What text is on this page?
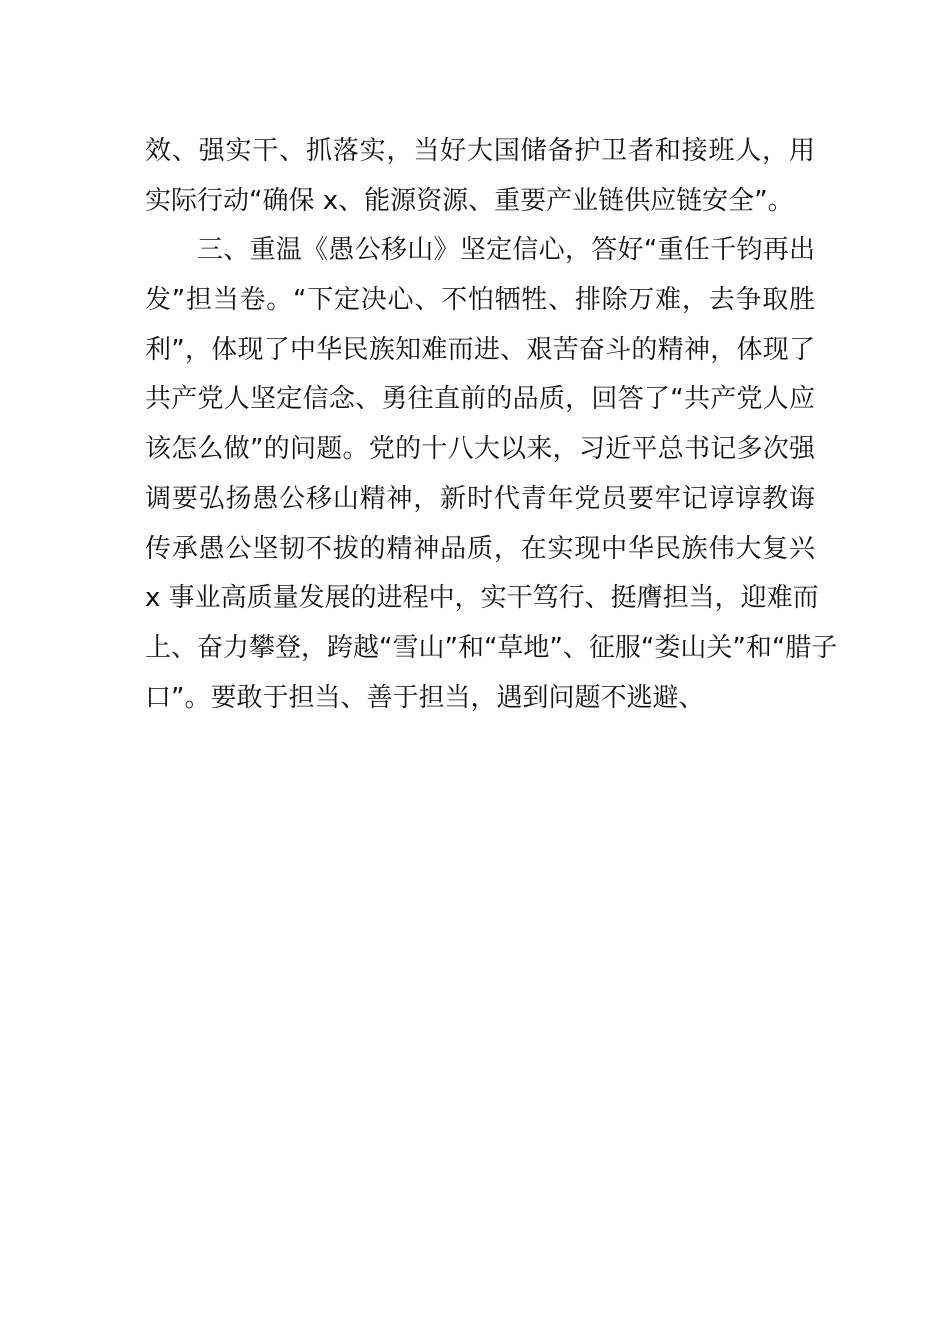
效、强实干、抓落实，当好大国储备护卫者和接班人，用
实际行动“确保 x、能源资源、重要产业链供应链安全”。
三、重温《愚公移山》坚定信心，答好“重任千钧再出
发”担当卷。“下定决心、不怕牺牲、排除万难，去争取胜
利”，体现了中华民族知难而进、艰苦奋斗的精神，体现了
共产党人坚定信念、勇往直前的品质，回答了“共产党人应
该怎么做”的问题。党的十八大以来，习近平总书记多次强
调要弘扬愚公移山精神，新时代青年党员要牢记谆谆教诲
传承愚公坚韧不拔的精神品质，在实现中华民族伟大复兴
x 事业高质量发展的进程中，实干笃行、挺膺担当，迎难而
上、奋力攀登，跨越“雪山”和“草地”、征服“娄山关”和“腊子
口”。要敢于担当、善于担当，遇到问题不逃避、
